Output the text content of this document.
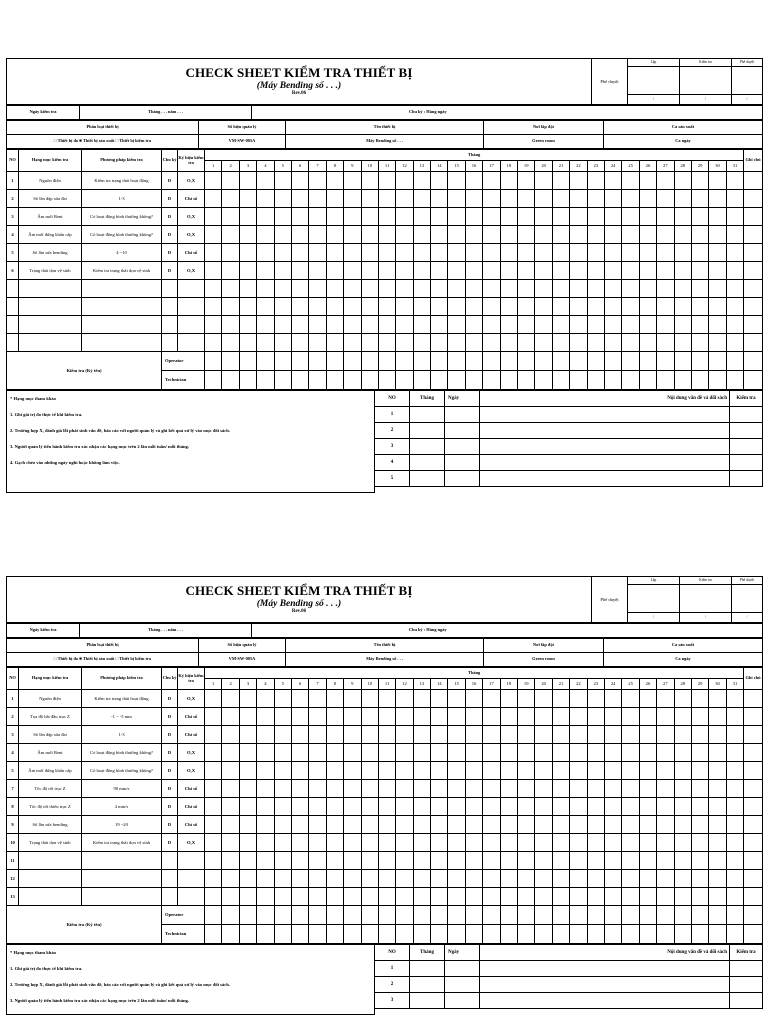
CHECK SHEET KIỂM TRA THIẾT BỊ
(Máy Bending số . . .)
Rev.06	Phê duyệt	Lập	Kiểm tra	Phê duyệt

		/	/	/
Ngày kiểm tra	Tháng . . . năm . . .	Chu kỳ : Hàng ngày	
Phân loại thiết bị	Số hiệu quản lý	Tên thiết bị	Nơi lắp đặt	Ca sản xuất
□ Thiết bị đo ■ Thiết bị sản xuất □ Thiết bị kiểm tra	VM-SW-005A	Máy Bending số . . .	Green room	Ca ngày
NO	Hạng mục kiểm tra	Phương pháp kiểm tra	Chu kỳ	Ký hiệu kiểm tra	Tháng																															Ghi chú
					1	2	3	4	5	6	7	8	9	10	11	12	13	14	15	16	17	18	19	20	21	22	23	24	25	26	27	28	29	30	31	
1	Nguồn điện	Kiểm tra trạng thái hoạt động	D	O,X																																
2	Số lần dập sửa đai	1-3	D	Chỉ số																																
3	Âm mới Bent	Có hoạt động bình thường không?	D	O,X																																
4	Âm mới đứng khẩn cấp	Có hoạt động bình thường không?	D	O,X																																
5	Số lần sửa bending	4 ~10	D	Chỉ số																																
6	Trạng thái dọn vệ sinh	Kiểm tra trạng thái dọn vệ sinh	D	O,X																																

Kiểm tra (Ký tên)			Operator																																	
			Technician																																	
* Hạng mục tham khảo	NO	Tháng	Ngày	Nội dung vấn đề và đối sách	Kiểm tra
1. Ghi giá trị đo thực tế khi kiểm tra.	1				
2. Trường hợp X, đánh giá lỗi phát sinh vấn đề, báo cáo với người quản lý và ghi kết quả xử lý vào mục đối sách.	2				
3. Người quản lý tiến hành kiểm tra xác nhận các hạng mục trên 2 lần mỗi tuần/ mỗi tháng.	3				
4. Gạch chéo vào những ngày nghỉ hoặc không làm việc.	4				
	5				

CHECK SHEET KIỂM TRA THIẾT BỊ
(Máy Bending số . . .)
Rev.06	Phê duyệt	Lập	Kiểm tra	Phê duyệt

		/	/	/
Ngày kiểm tra	Tháng . . . năm . . .	Chu kỳ : Hàng ngày	
Phân loại thiết bị	Số hiệu quản lý	Tên thiết bị	Nơi lắp đặt	Ca sản xuất
□ Thiết bị đo ■ Thiết bị sản xuất □ Thiết bị kiểm tra	VM-SW-005A	Máy Bending số . . .	Green room	Ca ngày
NO	Hạng mục kiểm tra	Phương pháp kiểm tra	Chu kỳ	Ký hiệu kiểm tra	Tháng																															Ghi chú
					1	2	3	4	5	6	7	8	9	10	11	12	13	14	15	16	17	18	19	20	21	22	23	24	25	26	27	28	29	30	31	
1	Nguồn điện	Kiểm tra trạng thái hoạt động	D	O,X																																
2	Tọa độ bắt đầu trục Z	-1 ~ -5 mm	D	Chỉ số																																
3	Số lần dập sửa đai	1-3	D	Chỉ số																																
4	Âm mới Bent	Có hoạt động bình thường không?	D	O,X																																
5	Âm mới đứng khẩn cấp	Có hoạt động bình thường không?	D	O,X																																
7	Tốc độ tới trục Z	90 mm/s	D	Chỉ số																																
8	Tốc độ tới thiểu trục Z	4 mm/s	D	Chỉ số																																
9	Số lần sửa bending	19 ~20	D	Chỉ số																																
10	Trạng thái dọn vệ sinh	Kiểm tra trạng thái dọn vệ sinh	D	O,X																																
11																																				
12																																				
13																																				
Kiểm tra (Ký tên)			Operator																																	
			Technician																																	
* Hạng mục tham khảo	NO	Tháng	Ngày	Nội dung vấn đề và đối sách	Kiểm tra
1. Ghi giá trị đo thực tế khi kiểm tra.	1				
2. Trường hợp X, đánh giá lỗi phát sinh vấn đề, báo cáo với người quản lý và ghi kết quả xử lý vào mục đối sách.	2				
3. Người quản lý tiến hành kiểm tra xác nhận các hạng mục trên 2 lần mỗi tuần/ mỗi tháng.	3				
